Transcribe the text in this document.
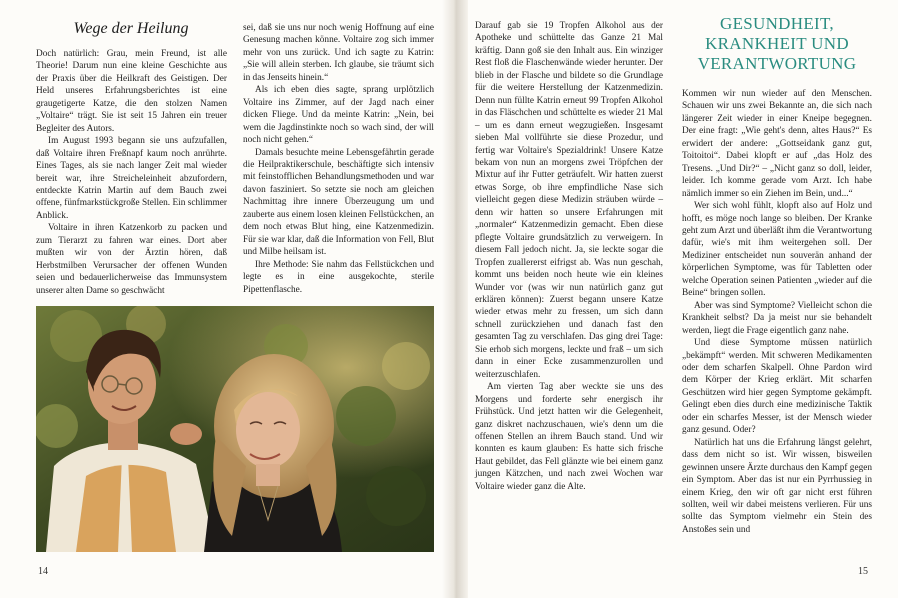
Wege der Heilung

Doch natürlich: Grau, mein Freund, ist alle Theorie! Darum nun eine kleine Geschichte aus der Praxis über die Heilkraft des Geistigen. Der Held unseres Erfahrungsberichtes ist eine graugetigerte Katze, die den stolzen Namen „Voltaire“ trägt. Sie ist seit 15 Jahren ein treuer Begleiter des Autors.

Im August 1993 begann sie uns aufzufallen, daß Voltaire ihren Freßnapf kaum noch anrührte. Eines Tages, als sie nach langer Zeit mal wieder bereit war, ihre Streicheleinheit abzufordern, entdeckte Katrin Martin auf dem Bauch zwei offene, fünfmarkstückgroße Stellen. Ein schlimmer Anblick.

Voltaire in ihren Katzenkorb zu packen und zum Tierarzt zu fahren war eines. Dort aber mußten wir von der Ärztin hören, daß Herbstmilben Verursacher der offenen Wunden seien und bedauerlicherweise das Immunsystem unserer alten Dame so geschwächt

sei, daß sie uns nur noch wenig Hoffnung auf eine Genesung machen könne. Voltaire zog sich immer mehr von uns zurück. Und ich sagte zu Katrin: „Sie will allein sterben. Ich glaube, sie träumt sich in das Jenseits hinein.“

Als ich eben dies sagte, sprang urplötzlich Voltaire ins Zimmer, auf der Jagd nach einer dicken Fliege. Und da meinte Katrin: „Nein, bei wem die Jagdinstinkte noch so wach sind, der will noch nicht gehen.“

Damals besuchte meine Lebensgefährtin gerade die Heilpraktikerschule, beschäftigte sich intensiv mit feinstofflichen Behandlungsmethoden und war davon fasziniert. So setzte sie noch am gleichen Nachmittag ihre innere Überzeugung um und zauberte aus einem losen kleinen Fellstückchen, an dem noch etwas Blut hing, eine Katzenmedizin. Für sie war klar, daß die Information von Fell, Blut und Milbe heilsam ist.

Ihre Methode: Sie nahm das Fellstückchen und legte es in eine ausgekochte, sterile Pipettenflasche.

14

Darauf gab sie 19 Tropfen Alkohol aus der Apotheke und schüttelte das Ganze 21 Mal kräftig. Dann goß sie den Inhalt aus. Ein winziger Rest floß die Flaschenwände wieder herunter. Der blieb in der Flasche und bildete so die Grundlage für die weitere Herstellung der Katzenmedizin. Denn nun füllte Katrin erneut 99 Tropfen Alkohol in das Fläschchen und schüttelte es wieder 21 Mal – um es dann erneut wegzugießen. Insgesamt sieben Mal vollführte sie diese Prozedur, und fertig war Voltaire's Spezialdrink! Unsere Katze bekam von nun an morgens zwei Tröpfchen der Mixtur auf ihr Futter geträufelt. Wir hatten zuerst etwas Sorge, ob ihre empfindliche Nase sich vielleicht gegen diese Medizin sträuben würde – denn wir hatten so unsere Erfahrungen mit „normaler“ Katzenmedizin gemacht. Eben diese pflegte Voltaire grundsätzlich zu verweigern. In diesem Fall jedoch nicht. Ja, sie leckte sogar die Tropfen zuallererst eifrigst ab. Was nun geschah, kommt uns beiden noch heute wie ein kleines Wunder vor (was wir nun natürlich ganz gut erklären können): Zuerst begann unsere Katze wieder etwas mehr zu fressen, um sich dann schnell zurückziehen und danach fast den gesamten Tag zu verschlafen. Das ging drei Tage: Sie erhob sich morgens, leckte und fraß – um sich dann in einer Ecke zusammenzurollen und weiterzuschlafen.

Am vierten Tag aber weckte sie uns des Morgens und forderte sehr energisch ihr Frühstück. Und jetzt hatten wir die Gelegenheit, ganz diskret nachzuschauen, wie's denn um die offenen Stellen an ihrem Bauch stand. Und wir konnten es kaum glauben: Es hatte sich frische Haut gebildet, das Fell glänzte wie bei einem ganz jungen Kätzchen, und nach zwei Wochen war Voltaire wieder ganz die Alte.

GESUNDHEIT,
KRANKHEIT UND
VERANTWORTUNG

Kommen wir nun wieder auf den Menschen. Schauen wir uns zwei Bekannte an, die sich nach längerer Zeit wieder in einer Kneipe begegnen. Der eine fragt: „Wie geht's denn, altes Haus?“ Es erwidert der andere: „Gottseidank ganz gut, Toitoitoi“. Dabei klopft er auf „das Holz des Tresens. „Und Dir?“ – „Nicht ganz so doll, leider, leider. Ich komme gerade vom Arzt. Ich habe nämlich immer so ein Ziehen im Bein, und...“

Wer sich wohl fühlt, klopft also auf Holz und hofft, es möge noch lange so bleiben. Der Kranke geht zum Arzt und überläßt ihm die Verantwortung dafür, wie's mit ihm weitergehen soll. Der Mediziner entscheidet nun souverän anhand der körperlichen Symptome, was für Tabletten oder welche Operation seinen Patienten „wieder auf die Beine“ bringen sollen.

Aber was sind Symptome? Vielleicht schon die Krankheit selbst? Da ja meist nur sie behandelt werden, liegt die Frage eigentlich ganz nahe.

Und diese Symptome müssen natürlich „bekämpft“ werden. Mit schweren Medikamenten oder dem scharfen Skalpell. Ohne Pardon wird dem Körper der Krieg erklärt. Mit scharfen Geschützen wird hier gegen Symptome gekämpft. Gelingt eben dies durch eine medizinische Taktik oder ein scharfes Messer, ist der Mensch wieder ganz gesund. Oder?

Natürlich hat uns die Erfahrung längst gelehrt, dass dem nicht so ist. Wir wissen, bisweilen gewinnen unsere Ärzte durchaus den Kampf gegen ein Symptom. Aber das ist nur ein Pyrrhussieg in einem Krieg, den wir oft gar nicht erst führen sollten, weil wir dabei meistens verlieren. Für uns sollte das Symptom vielmehr ein Stein des Anstoßes sein und

15
